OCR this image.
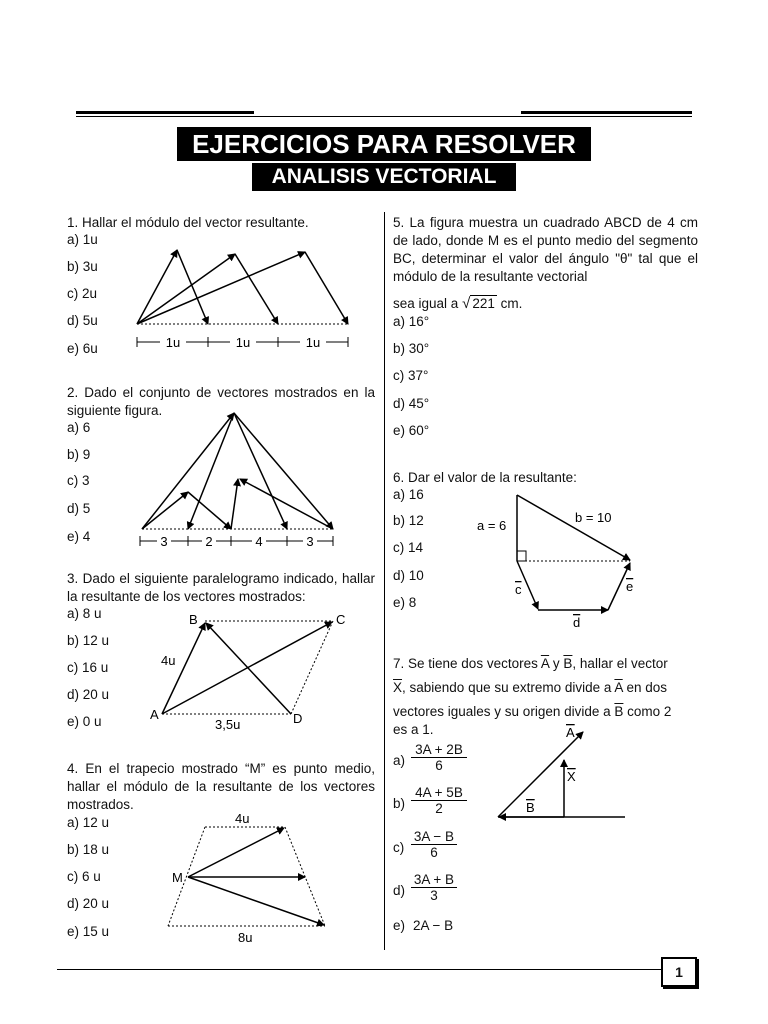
EJERCICIOS PARA RESOLVER
ANALISIS VECTORIAL
1. Hallar el módulo del vector resultante.
a) 1u
b) 3u
c) 2u
d) 5u
e) 6u	1u	1u	1u
2. Dado el conjunto de vectores mostrados en la siguiente figura.
a) 6
b) 9
c) 3
d) 5
e) 4	3	2	4	3
3. Dado el siguiente paralelogramo indicado, hallar la resultante de los vectores mostrados:
a) 8 u
b) 12 u
c) 16 u
d) 20 u
e) 0 u
B	C
A	D
4u
3,5u
4. En el trapecio mostrado “M” es punto medio, hallar el módulo de la resultante de los vectores mostrados.
a) 12 u
b) 18 u
c) 6 u
d) 20 u
e) 15 u
4u
8u
M
5. La figura muestra un cuadrado ABCD de 4 cm de lado, donde M es el punto medio del segmento BC, determinar el valor del ángulo "θ" tal que el módulo de la resultante vectorial
sea igual a √ 221 cm.
a) 16°
b) 30°
c) 37°
d) 45°
e) 60°
6. Dar el valor de la resultante:
a) 16
b) 12
c) 14
d) 10
e) 8
a = 6
b = 10
c
d
e
7. Se tiene dos vectores $\overline{A}$ y $\overline{B}$, hallar el vector
$\overline{X}$, sabiendo que su extremo divide a $\overline{A}$ en dos
vectores iguales y su origen divide a $\overline{B}$ como 2
es a 1.
$a) \frac{3A + 2B}{6}$
$b) \frac{4A + 5B}{2}$
$c) \frac{3A - B}{6}$
$d) \frac{3A + B}{3}$
e) 2A − B
A
X
B
1
